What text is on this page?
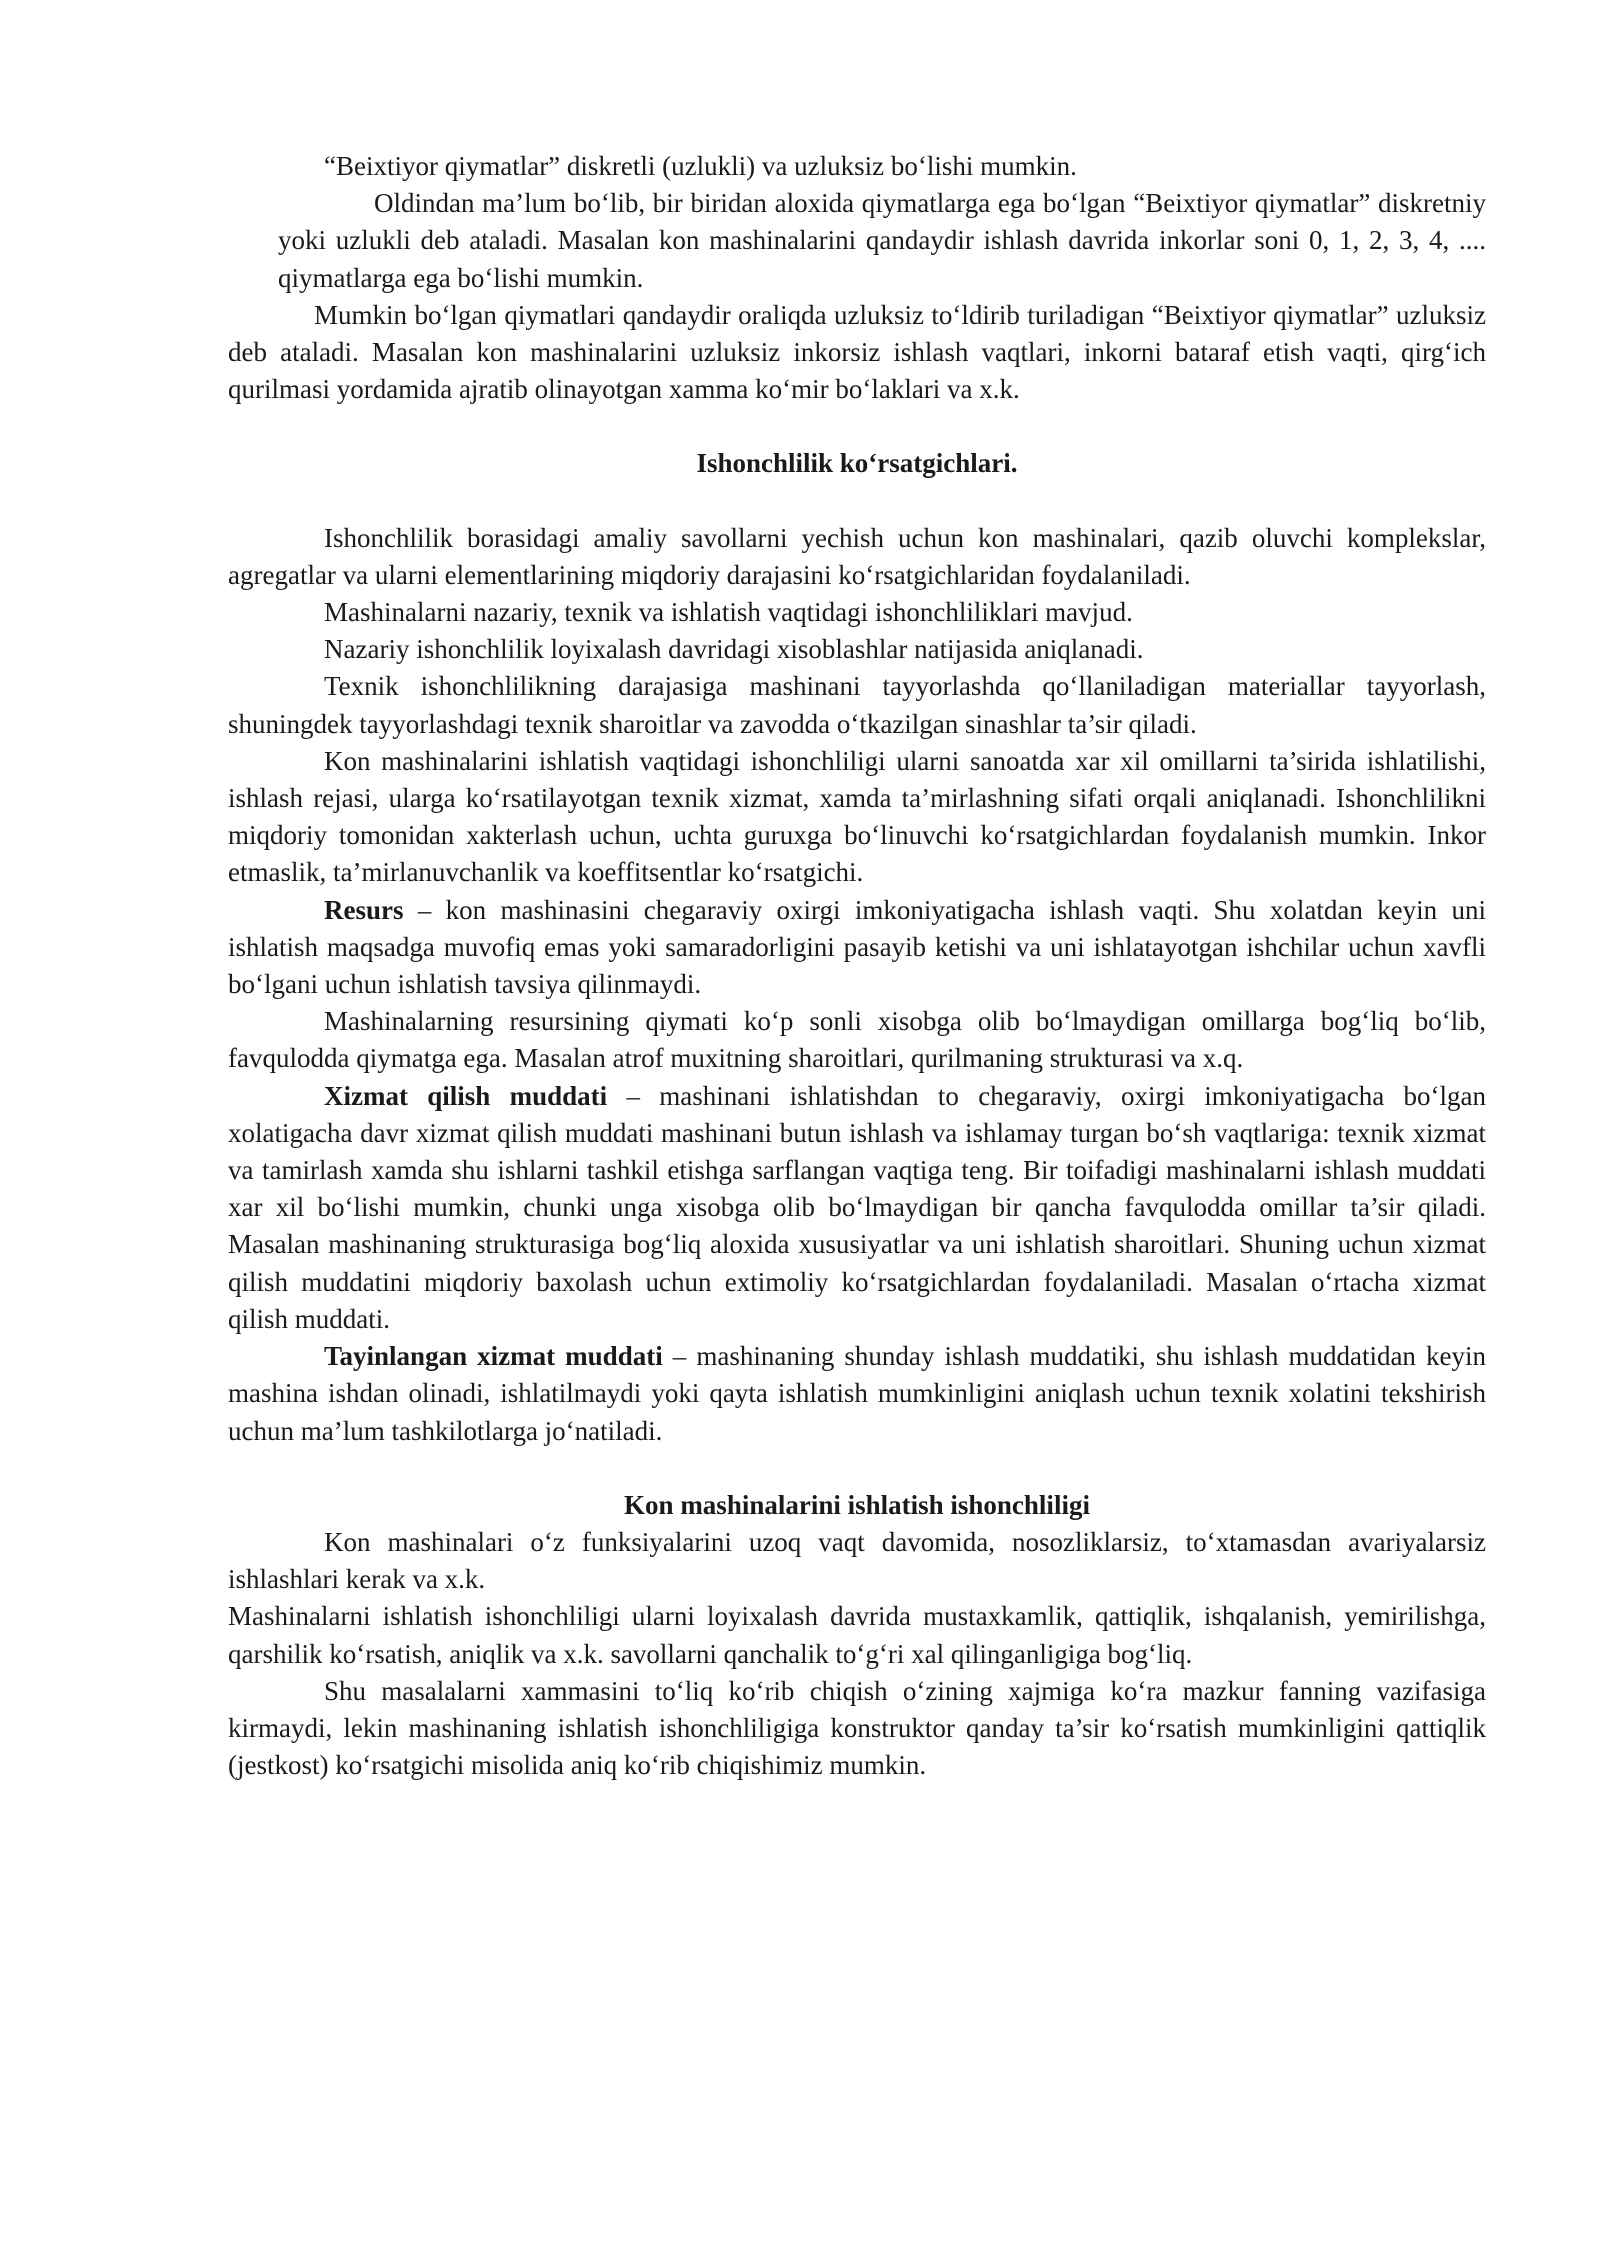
“Beixtiyor qiymatlar” diskretli (uzlukli) va uzluksiz bo‘lishi mumkin.

Oldindan ma’lum bo‘lib, bir biridan aloxida qiymatlarga ega bo‘lgan “Beixtiyor qiymatlar” diskretniy yoki uzlukli deb ataladi. Masalan kon mashinalarini qandaydir ishlash davrida inkorlar soni 0, 1, 2, 3, 4, .... qiymatlarga ega bo‘lishi mumkin.

Mumkin bo‘lgan qiymatlari qandaydir oraliqda uzluksiz to‘ldirib turiladigan “Beixtiyor qiymatlar” uzluksiz deb ataladi. Masalan kon mashinalarini uzluksiz inkorsiz ishlash vaqtlari, inkorni bataraf etish vaqti, qirg‘ich qurilmasi yordamida ajratib olinayotgan xamma ko‘mir bo‘laklari va x.k.

Ishonchlilik ko‘rsatgichlari.

Ishonchlilik borasidagi amaliy savollarni yechish uchun kon mashinalari, qazib oluvchi komplekslar, agregatlar va ularni elementlarining miqdoriy darajasini ko‘rsatgichlaridan foydalaniladi.

Mashinalarni nazariy, texnik va ishlatish vaqtidagi ishonchliliklari mavjud.

Nazariy ishonchlilik loyixalash davridagi xisoblashlar natijasida aniqlanadi.

Texnik ishonchlilikning darajasiga mashinani tayyorlashda qo‘llaniladigan materiallar tayyorlash, shuningdek tayyorlashdagi texnik sharoitlar va zavodda o‘tkazilgan sinashlar ta’sir qiladi.

Kon mashinalarini ishlatish vaqtidagi ishonchliligi ularni sanoatda xar xil omillarni ta’sirida ishlatilishi, ishlash rejasi, ularga ko‘rsatilayotgan texnik xizmat, xamda ta’mirlashning sifati orqali aniqlanadi. Ishonchlilikni miqdoriy tomonidan xakterlash uchun, uchta guruxga bo‘linuvchi ko‘rsatgichlardan foydalanish mumkin. Inkor etmaslik, ta’mirlanuvchanlik va koeffitsentlar ko‘rsatgichi.

Resurs – kon mashinasini chegaraviy oxirgi imkoniyatigacha ishlash vaqti. Shu xolatdan keyin uni ishlatish maqsadga muvofiq emas yoki samaradorligini pasayib ketishi va uni ishlatayotgan ishchilar uchun xavfli bo‘lgani uchun ishlatish tavsiya qilinmaydi.

Mashinalarning resursining qiymati ko‘p sonli xisobga olib bo‘lmaydigan omillarga bog‘liq bo‘lib, favqulodda qiymatga ega. Masalan atrof muxitning sharoitlari, qurilmaning strukturasi va x.q.

Xizmat qilish muddati – mashinani ishlatishdan to chegaraviy, oxirgi imkoniyatigacha bo‘lgan xolatigacha davr xizmat qilish muddati mashinani butun ishlash va ishlamay turgan bo‘sh vaqtlariga: texnik xizmat va tamirlash xamda shu ishlarni tashkil etishga sarflangan vaqtiga teng. Bir toifadigi mashinalarni ishlash muddati xar xil bo‘lishi mumkin, chunki unga xisobga olib bo‘lmaydigan bir qancha favqulodda omillar ta’sir qiladi. Masalan mashinaning strukturasiga bog‘liq aloxida xususiyatlar va uni ishlatish sharoitlari. Shuning uchun xizmat qilish muddatini miqdoriy baxolash uchun extimoliy ko‘rsatgichlardan foydalaniladi. Masalan o‘rtacha xizmat qilish muddati.

Tayinlangan xizmat muddati – mashinaning shunday ishlash muddatiki, shu ishlash muddatidan keyin mashina ishdan olinadi, ishlatilmaydi yoki qayta ishlatish mumkinligini aniqlash uchun texnik xolatini tekshirish uchun ma’lum tashkilotlarga jo‘natiladi.

Kon mashinalarini ishlatish ishonchliligi

Kon mashinalari o‘z funksiyalarini uzoq vaqt davomida, nosozliklarsiz, to‘xtamasdan avariyalarsiz ishlashlari kerak va x.k.

Mashinalarni ishlatish ishonchliligi ularni loyixalash davrida mustaxkamlik, qattiqlik, ishqalanish, yemirilishga, qarshilik ko‘rsatish, aniqlik va x.k. savollarni qanchalik to‘g‘ri xal qilinganligiga bog‘liq.

Shu masalalarni xammasini to‘liq ko‘rib chiqish o‘zining xajmiga ko‘ra mazkur fanning vazifasiga kirmaydi, lekin mashinaning ishlatish ishonchliligiga konstruktor qanday ta’sir ko‘rsatish mumkinligini qattiqlik (jestkost) ko‘rsatgichi misolida aniq ko‘rib chiqishimiz mumkin.
